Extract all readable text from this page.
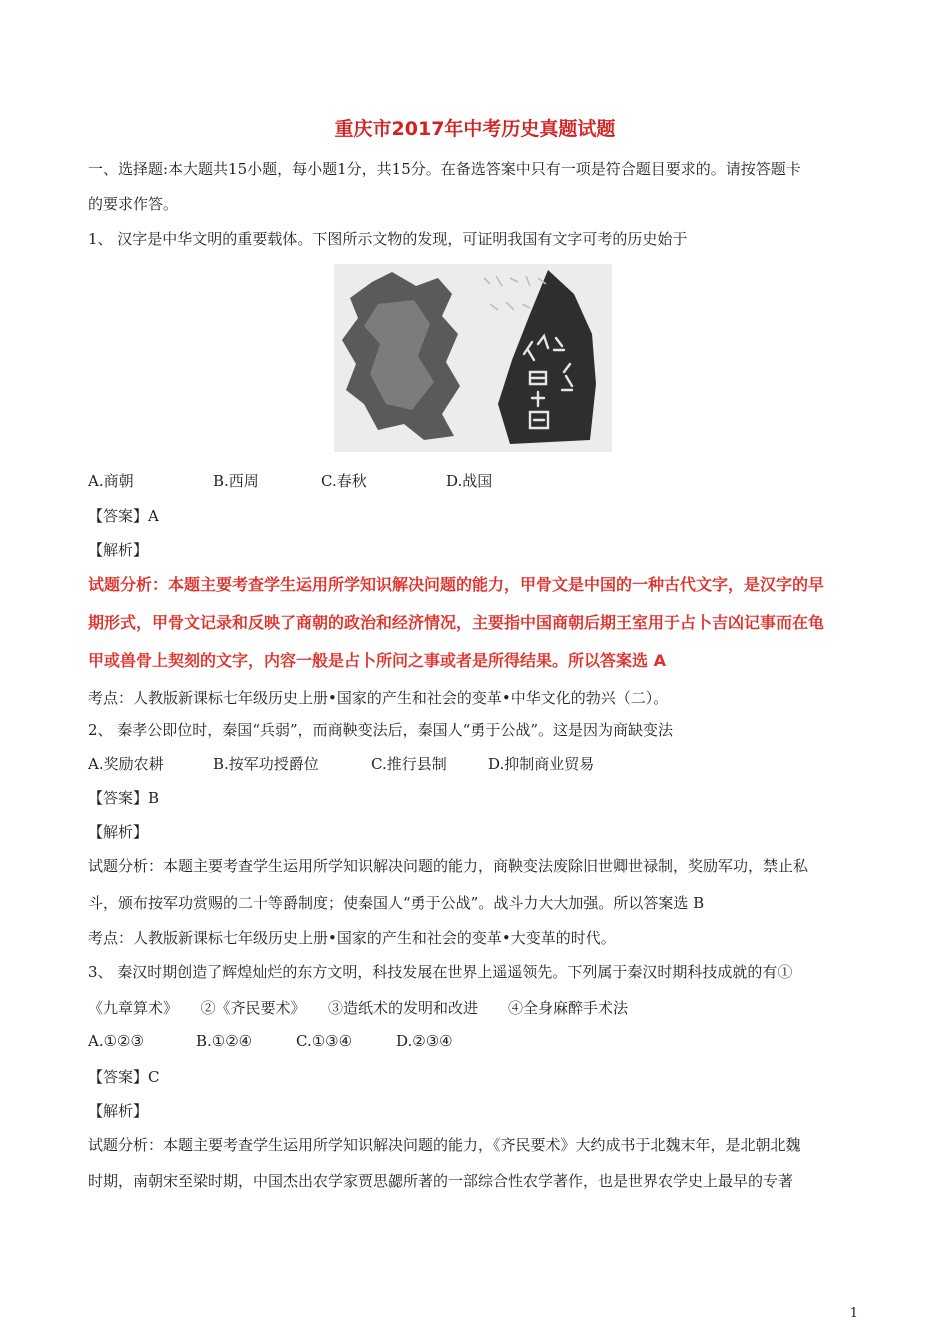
重庆市2017年中考历史真题试题
一、选择题:本大题共15小题，每小题1分，共15分。在备选答案中只有一项是符合题目要求的。请按答题卡
的要求作答。
1、 汉字是中华文明的重要载体。下图所示文物的发现，可证明我国有文字可考的历史始于
A.商朝	B.西周	C.春秋	D.战国
【答案】A
【解析】
试题分析：本题主要考查学生运用所学知识解决问题的能力，甲骨文是中国的一种古代文字，是汉字的早
期形式，甲骨文记录和反映了商朝的政治和经济情况，主要指中国商朝后期王室用于占卜吉凶记事而在龟
甲或兽骨上契刻的文字，内容一般是占卜所问之事或者是所得结果。所以答案选 A
考点：人教版新课标七年级历史上册•国家的产生和社会的变革•中华文化的勃兴（二）。
2、 秦孝公即位时，秦国“兵弱”，而商鞅变法后，秦国人“勇于公战”。这是因为商缺变法
A.奖励农耕	B.按军功授爵位	C.推行县制	D.抑制商业贸易
【答案】B
【解析】
试题分析：本题主要考查学生运用所学知识解决问题的能力，商鞅变法废除旧世卿世禄制，奖励军功，禁止私
斗，颁布按军功赏赐的二十等爵制度；使秦国人“勇于公战”。战斗力大大加强。所以答案选 B
考点：人教版新课标七年级历史上册•国家的产生和社会的变革•大变革的时代。
3、 秦汉时期创造了辉煌灿烂的东方文明，科技发展在世界上遥遥领先。下列属于秦汉时期科技成就的有①
《九章算术》　　②《齐民要术》　　③造纸术的发明和改进　　④全身麻醉手术法
A.①②③	B.①②④	C.①③④	D.②③④
【答案】C
【解析】
试题分析：本题主要考查学生运用所学知识解决问题的能力，《齐民要术》大约成书于北魏末年，是北朝北魏
时期，南朝宋至梁时期，中国杰出农学家贾思勰所著的一部综合性农学著作，也是世界农学史上最早的专著
1
